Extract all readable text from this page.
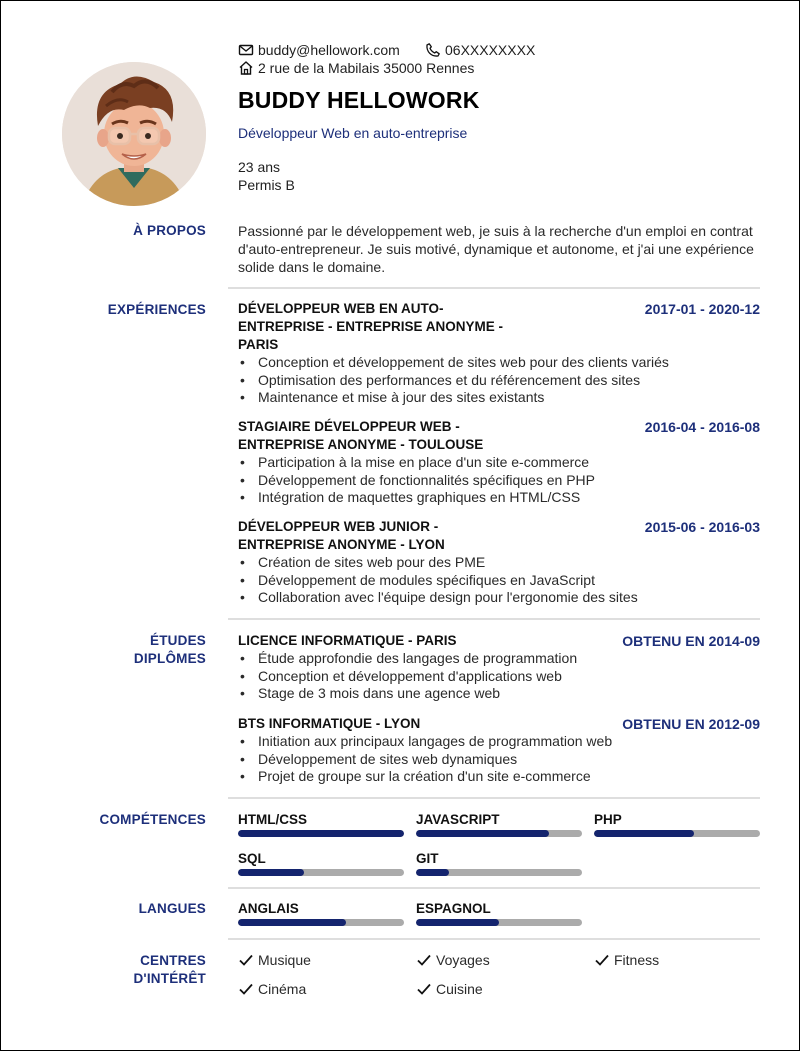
buddy@hellowork.com	06XXXXXXXX
2 rue de la Mabilais 35000 Rennes
BUDDY HELLOWORK
Développeur Web en auto-entreprise
23 ans
Permis B
À PROPOS Passionné par le développement web, je suis à la recherche d'un emploi en contrat d'auto-entrepreneur. Je suis motivé, dynamique et autonome, et j'ai une expérience solide dans le domaine.
EXPÉRIENCES DÉVELOPPEUR WEB EN AUTO-ENTREPRISE - ENTREPRISE ANONYME - PARIS
2017-01 - 2020-12
• Conception et développement de sites web pour des clients variés
• Optimisation des performances et du référencement des sites
• Maintenance et mise à jour des sites existants
STAGIAIRE DÉVELOPPEUR WEB - ENTREPRISE ANONYME - TOULOUSE
2016-04 - 2016-08
• Participation à la mise en place d'un site e-commerce
• Développement de fonctionnalités spécifiques en PHP
• Intégration de maquettes graphiques en HTML/CSS
DÉVELOPPEUR WEB JUNIOR - ENTREPRISE ANONYME - LYON
2015-06 - 2016-03
• Création de sites web pour des PME
• Développement de modules spécifiques en JavaScript
• Collaboration avec l'équipe design pour l'ergonomie des sites
ÉTUDES
DIPLÔMES
LICENCE INFORMATIQUE - PARIS	OBTENU EN 2014-09
• Étude approfondie des langages de programmation
• Conception et développement d'applications web
• Stage de 3 mois dans une agence web
BTS INFORMATIQUE - LYON	OBTENU EN 2012-09
• Initiation aux principaux langages de programmation web
• Développement de sites web dynamiques
• Projet de groupe sur la création d'un site e-commerce
COMPÉTENCES HTML/CSS	JAVASCRIPT	PHP
SQL	GIT
LANGUES ANGLAIS	ESPAGNOL
CENTRES
D'INTÉRÊT
Musique	Voyages	Fitness
Cinéma	Cuisine
